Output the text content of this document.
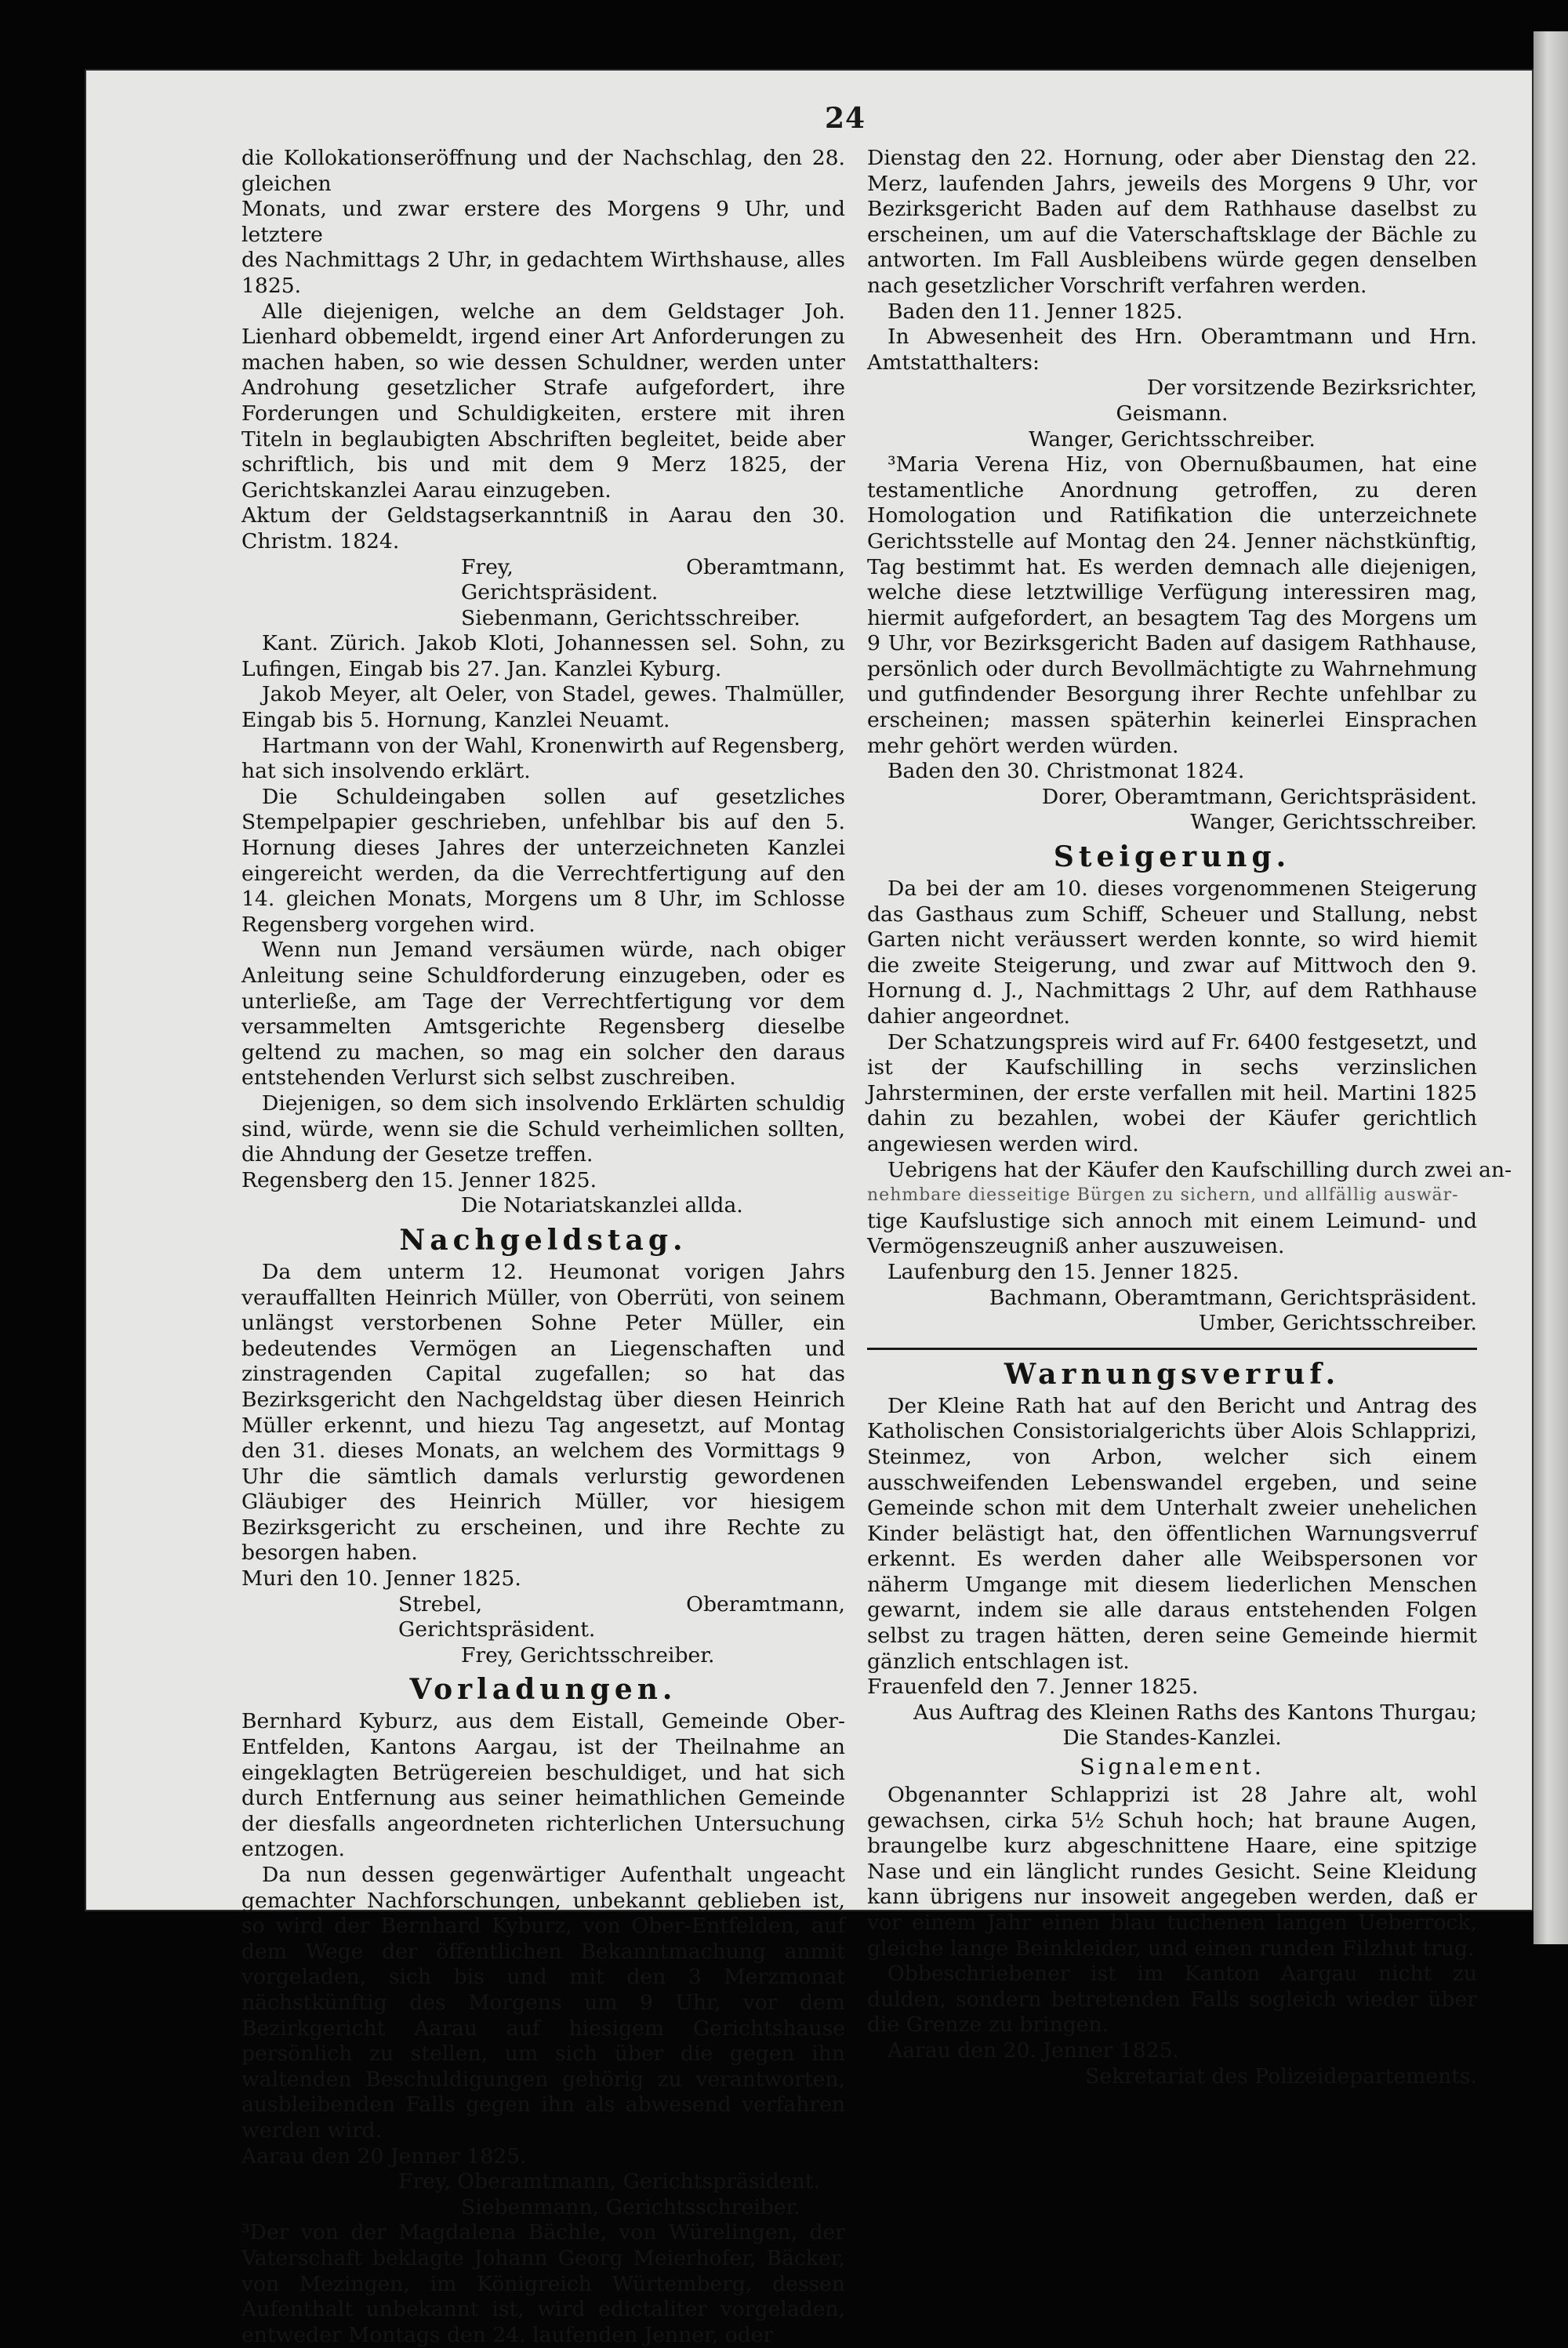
24

die Kollokationseröffnung und der Nachschlag, den 28. gleichen

Monats, und zwar erstere des Morgens 9 Uhr, und letztere

des Nachmittags 2 Uhr, in gedachtem Wirthshause, alles 1825.

Alle diejenigen, welche an dem Geldstager Joh. Lienhard obbemeldt, irgend einer Art Anforderungen zu machen haben, so wie dessen Schuldner, werden unter Androhung gesetzlicher Strafe aufgefordert, ihre Forderungen und Schuldigkeiten, erstere mit ihren Titeln in beglaubigten Abschriften begleitet, beide aber schriftlich, bis und mit dem 9 Merz 1825, der Gerichtskanzlei Aarau einzugeben.

Aktum der Geldstagserkanntniß in Aarau den 30. Christm. 1824.

Frey, Oberamtmann, Gerichtspräsident.

Siebenmann, Gerichtsschreiber.

Kant. Zürich. Jakob Kloti, Johannessen sel. Sohn, zu Lufingen, Eingab bis 27. Jan. Kanzlei Kyburg.

Jakob Meyer, alt Oeler, von Stadel, gewes. Thalmüller, Eingab bis 5. Hornung, Kanzlei Neuamt.

Hartmann von der Wahl, Kronenwirth auf Regensberg, hat sich insolvendo erklärt.

Die Schuldeingaben sollen auf gesetzliches Stempelpapier geschrieben, unfehlbar bis auf den 5. Hornung dieses Jahres der unterzeichneten Kanzlei eingereicht werden, da die Verrechtfertigung auf den 14. gleichen Monats, Morgens um 8 Uhr, im Schlosse Regensberg vorgehen wird.

Wenn nun Jemand versäumen würde, nach obiger Anleitung seine Schuldforderung einzugeben, oder es unterließe, am Tage der Verrechtfertigung vor dem versammelten Amtsgerichte Regensberg dieselbe geltend zu machen, so mag ein solcher den daraus entstehenden Verlurst sich selbst zuschreiben.

Diejenigen, so dem sich insolvendo Erklärten schuldig sind, würde, wenn sie die Schuld verheimlichen sollten, die Ahndung der Gesetze treffen.

Regensberg den 15. Jenner 1825.

Die Notariatskanzlei allda.

Nachgeldstag.

Da dem unterm 12. Heumonat vorigen Jahrs verauffallten Heinrich Müller, von Oberrüti, von seinem unlängst verstorbenen Sohne Peter Müller, ein bedeutendes Vermögen an Liegenschaften und zinstragenden Capital zugefallen; so hat das Bezirksgericht den Nachgeldstag über diesen Heinrich Müller erkennt, und hiezu Tag angesetzt, auf Montag den 31. dieses Monats, an welchem des Vormittags 9 Uhr die sämtlich damals verlurstig gewordenen Gläubiger des Heinrich Müller, vor hiesigem Bezirksgericht zu erscheinen, und ihre Rechte zu besorgen haben.

Muri den 10. Jenner 1825.

Strebel, Oberamtmann, Gerichtspräsident.

Frey, Gerichtsschreiber.

Vorladungen.

Bernhard Kyburz, aus dem Eistall, Gemeinde Ober-Entfelden, Kantons Aargau, ist der Theilnahme an eingeklagten Betrügereien beschuldiget, und hat sich durch Entfernung aus seiner heimathlichen Gemeinde der diesfalls angeordneten richterlichen Untersuchung entzogen.

Da nun dessen gegenwärtiger Aufenthalt ungeacht gemachter Nachforschungen, unbekannt geblieben ist, so wird der Bernhard Kyburz, von Ober-Entfelden, auf dem Wege der öffentlichen Bekanntmachung anmit vorgeladen, sich bis und mit den 3 Merzmonat nächstkünftig des Morgens um 9 Uhr, vor dem Bezirkgericht Aarau auf hiesigem Gerichtshause persönlich zu stellen, um sich über die gegen ihn waltenden Beschuldigungen gehörig zu verantworten, ausbleibenden Falls gegen ihn als abwesend verfahren werden wird.

Aarau den 20 Jenner 1825.

Frey, Oberamtmann, Gerichtspräsident.

Siebenmann, Gerichtsschreiber.

³Der von der Magdalena Bächle, von Würelingen, der Vaterschaft beklagte Johann Georg Meierhofer, Bäcker, von Mezingen, im Königreich Würtemberg, dessen Aufenthalt unbekannt ist, wird edictaliter vorgeladen, entweder Montags den 24. laufenden Jenner, oder

Dienstag den 22. Hornung, oder aber Dienstag den 22. Merz, laufenden Jahrs, jeweils des Morgens 9 Uhr, vor Bezirksgericht Baden auf dem Rathhause daselbst zu erscheinen, um auf die Vaterschaftsklage der Bächle zu antworten. Im Fall Ausbleibens würde gegen denselben nach gesetzlicher Vorschrift verfahren werden.

Baden den 11. Jenner 1825.

In Abwesenheit des Hrn. Oberamtmann und Hrn. Amtstatthalters:

Der vorsitzende Bezirksrichter,

Geismann.

Wanger, Gerichtsschreiber.

³Maria Verena Hiz, von Obernußbaumen, hat eine testamentliche Anordnung getroffen, zu deren Homologation und Ratifikation die unterzeichnete Gerichtsstelle auf Montag den 24. Jenner nächstkünftig, Tag bestimmt hat. Es werden demnach alle diejenigen, welche diese letztwillige Verfügung interessiren mag, hiermit aufgefordert, an besagtem Tag des Morgens um 9 Uhr, vor Bezirksgericht Baden auf dasigem Rathhause, persönlich oder durch Bevollmächtigte zu Wahrnehmung und gutfindender Besorgung ihrer Rechte unfehlbar zu erscheinen; massen späterhin keinerlei Einsprachen mehr gehört werden würden.

Baden den 30. Christmonat 1824.

Dorer, Oberamtmann, Gerichtspräsident.

Wanger, Gerichtsschreiber.

Steigerung.

Da bei der am 10. dieses vorgenommenen Steigerung das Gasthaus zum Schiff, Scheuer und Stallung, nebst Garten nicht veräussert werden konnte, so wird hiemit die zweite Steigerung, und zwar auf Mittwoch den 9. Hornung d. J., Nachmittags 2 Uhr, auf dem Rathhause dahier angeordnet.

Der Schatzungspreis wird auf Fr. 6400 festgesetzt, und ist der Kaufschilling in sechs verzinslichen Jahrsterminen, der erste verfallen mit heil. Martini 1825 dahin zu bezahlen, wobei der Käufer gerichtlich angewiesen werden wird.

Uebrigens hat der Käufer den Kaufschilling durch zwei an-

nehmbare diesseitige Bürgen zu sichern, und allfällig auswär-

tige Kaufslustige sich annoch mit einem Leimund- und Vermögenszeugniß anher auszuweisen.

Laufenburg den 15. Jenner 1825.

Bachmann, Oberamtmann, Gerichtspräsident.

Umber, Gerichtsschreiber.

Warnungsverruf.

Der Kleine Rath hat auf den Bericht und Antrag des Katholischen Consistorialgerichts über Alois Schlapprizi, Steinmez, von Arbon, welcher sich einem ausschweifenden Lebenswandel ergeben, und seine Gemeinde schon mit dem Unterhalt zweier unehelichen Kinder belästigt hat, den öffentlichen Warnungsverruf erkennt. Es werden daher alle Weibspersonen vor näherm Umgange mit diesem liederlichen Menschen gewarnt, indem sie alle daraus entstehenden Folgen selbst zu tragen hätten, deren seine Gemeinde hiermit gänzlich entschlagen ist.

Frauenfeld den 7. Jenner 1825.

Aus Auftrag des Kleinen Raths des Kantons Thurgau;

Die Standes-Kanzlei.

Signalement.

Obgenannter Schlapprizi ist 28 Jahre alt, wohl gewachsen, cirka 5½ Schuh hoch; hat braune Augen, braungelbe kurz abgeschnittene Haare, eine spitzige Nase und ein länglicht rundes Gesicht. Seine Kleidung kann übrigens nur insoweit angegeben werden, daß er vor einem Jahr einen blau tuchenen langen Ueberrock, gleiche lange Beinkleider, und einen runden Filzhut trug.

Obbeschriebener ist im Kanton Aargau nicht zu dulden, sondern betretenden Falls sogleich wieder über die Grenze zu bringen.

Aarau den 20. Jenner 1825.

Sekretariat des Polizeidepartements.
